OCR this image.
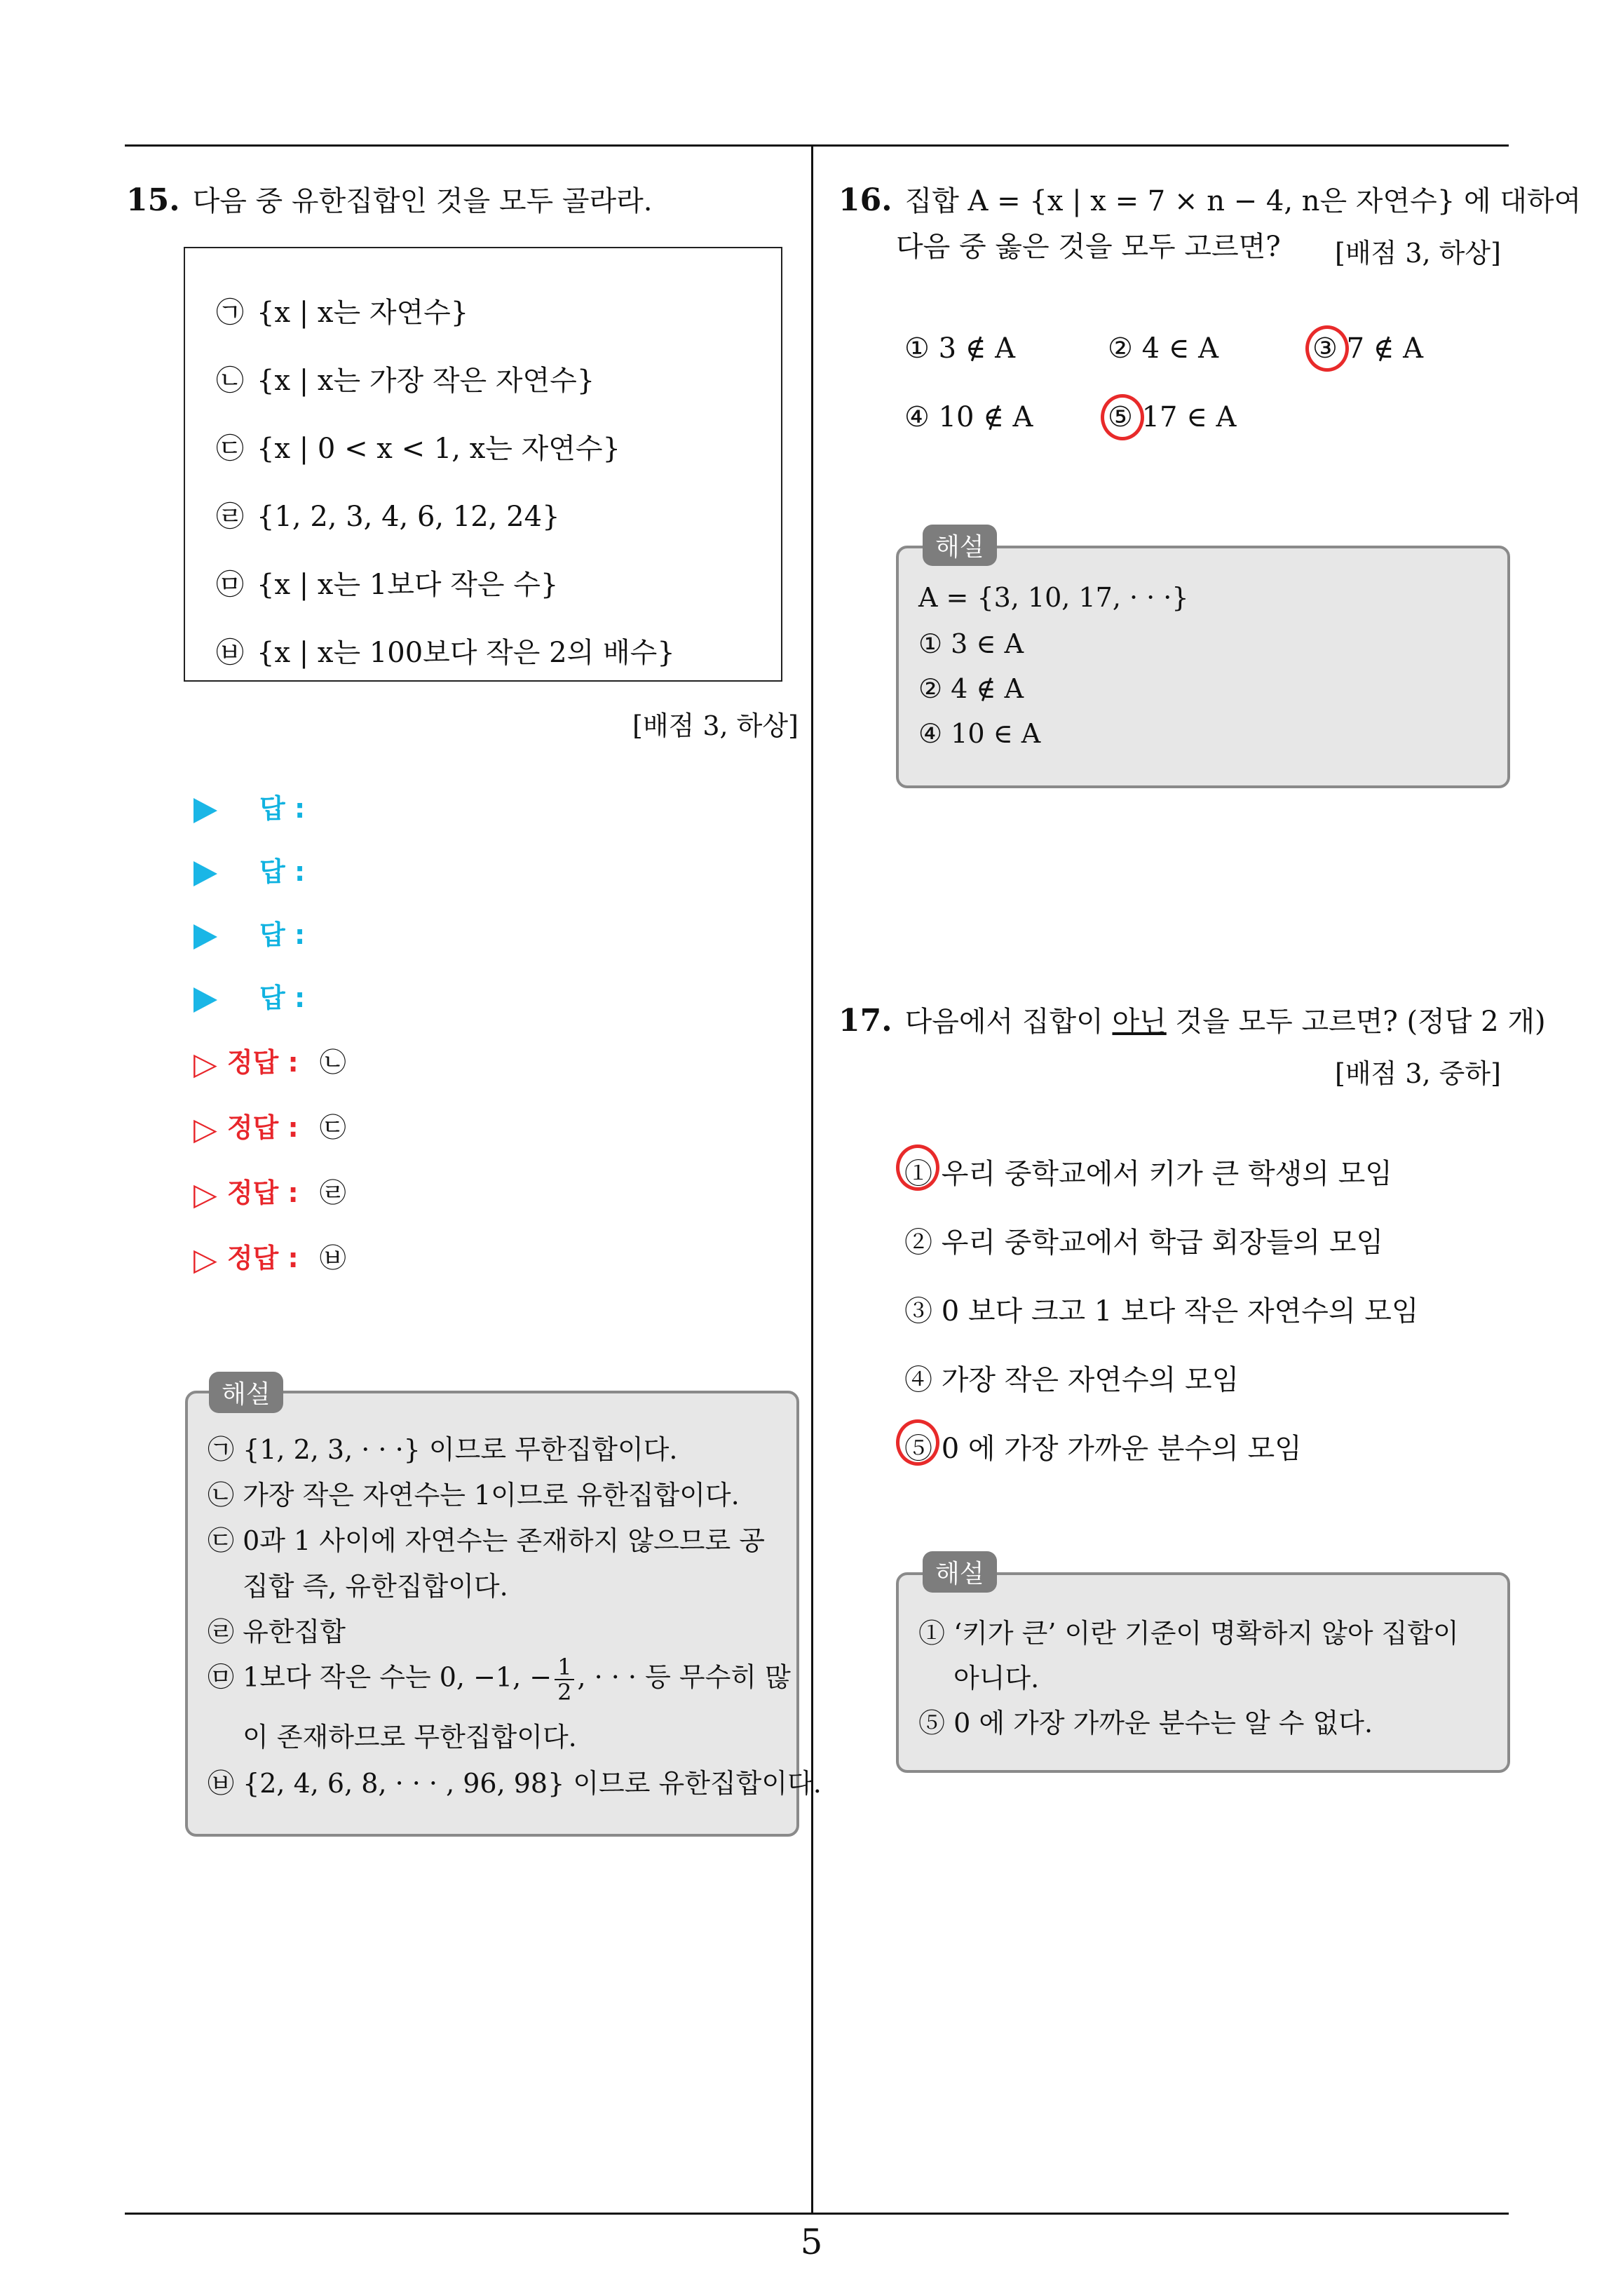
15. 다음 중 유한집합인 것을 모두 골라라.
㉠ {x | x는 자연수}
㉡ {x | x는 가장 작은 자연수}
㉢ {x | 0 < x < 1, x는 자연수}
㉣ {1, 2, 3, 4, 6, 12, 24}
㉤ {x | x는 1보다 작은 수}
㉥ {x | x는 100보다 작은 2의 배수}
[배점 3, 하상]
답 :
답 :
답 :
답 :
▷ 정답 : ㉡
▷ 정답 : ㉢
▷ 정답 : ㉣
▷ 정답 : ㉥
해설
㉠ {1, 2, 3, · · ·} 이므로 무한집합이다.
㉡ 가장 작은 자연수는 1이므로 유한집합이다.
㉢ 0과 1 사이에 자연수는 존재하지 않으므로 공
집합 즉, 유한집합이다.
㉣ 유한집합
㉤ 1보다 작은 수는 0, −1, − $\frac{1}{2}$ , · · · 등 무수히 많
이 존재하므로 무한집합이다.
㉥ {2, 4, 6, 8, · · · , 96, 98} 이므로 유한집합이다.
16. 집합 A = {x | x = 7 × n − 4, n은 자연수} 에 대하여
다음 중 옳은 것을 모두 고르면? [배점 3, 하상]
① 3 ∉ A	② 4 ∈ A	③ 7 ∉ A
④ 10 ∉ A	⑤ 17 ∈ A
해설
A = {3, 10, 17, · · ·}
① 3 ∈ A
② 4 ∉ A
④ 10 ∈ A
17. 다음에서 집합이 아닌 것을 모두 고르면? (정답 2 개)
[배점 3, 중하]
① 우리 중학교에서 키가 큰 학생의 모임
② 우리 중학교에서 학급 회장들의 모임
③ 0 보다 크고 1 보다 작은 자연수의 모임
④ 가장 작은 자연수의 모임
⑤ 0 에 가장 가까운 분수의 모임
해설
① ‘키가 큰’ 이란 기준이 명확하지 않아 집합이
아니다.
⑤ 0 에 가장 가까운 분수는 알 수 없다.
5
